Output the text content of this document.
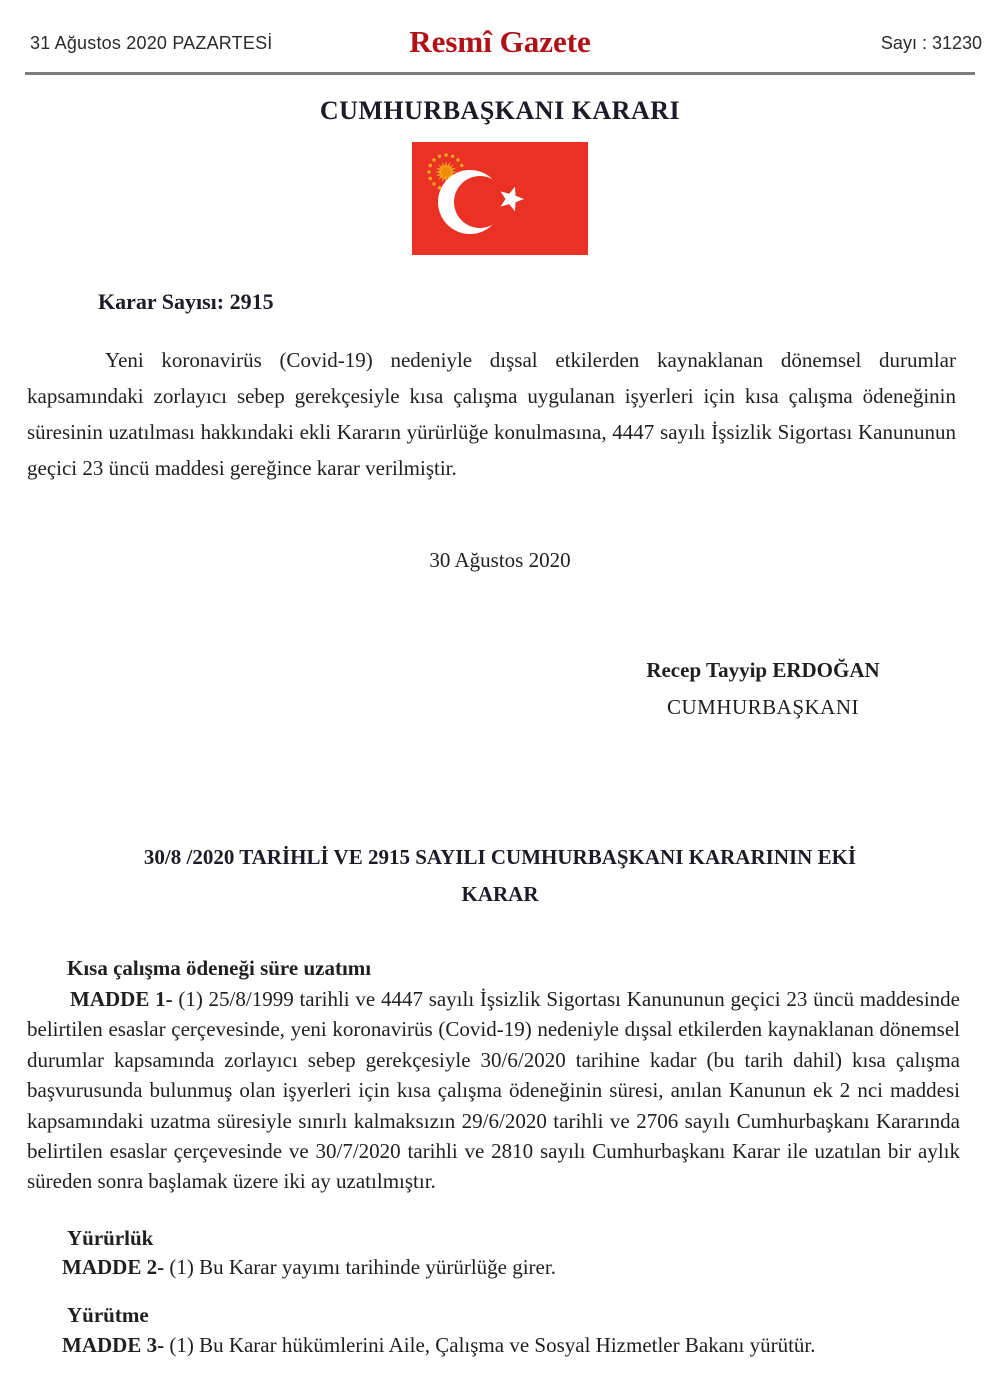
31 Ağustos 2020 PAZARTESİ	Resmî Gazete	Sayı : 31230
CUMHURBAŞKANI KARARI
Karar Sayısı: 2915
Yeni koronavirüs (Covid-19) nedeniyle dışsal etkilerden kaynaklanan dönemsel durumlar kapsamındaki zorlayıcı sebep gerekçesiyle kısa çalışma uygulanan işyerleri için kısa çalışma ödeneğinin süresinin uzatılması hakkındaki ekli Kararın yürürlüğe konulmasına, 4447 sayılı İşsizlik Sigortası Kanununun geçici 23 üncü maddesi gereğince karar verilmiştir.
30 Ağustos 2020
Recep Tayyip ERDOĞAN
CUMHURBAŞKANI
30/8 /2020 TARİHLİ VE 2915 SAYILI CUMHURBAŞKANI KARARININ EKİ
KARAR
Kısa çalışma ödeneği süre uzatımı
MADDE 1- (1) 25/8/1999 tarihli ve 4447 sayılı İşsizlik Sigortası Kanununun geçici 23 üncü maddesinde belirtilen esaslar çerçevesinde, yeni koronavirüs (Covid-19) nedeniyle dışsal etkilerden kaynaklanan dönemsel durumlar kapsamında zorlayıcı sebep gerekçesiyle 30/6/2020 tarihine kadar (bu tarih dahil) kısa çalışma başvurusunda bulunmuş olan işyerleri için kısa çalışma ödeneğinin süresi, anılan Kanunun ek 2 nci maddesi kapsamındaki uzatma süresiyle sınırlı kalmaksızın 29/6/2020 tarihli ve 2706 sayılı Cumhurbaşkanı Kararında belirtilen esaslar çerçevesinde ve 30/7/2020 tarihli ve 2810 sayılı Cumhurbaşkanı Karar ile uzatılan bir aylık süreden sonra başlamak üzere iki ay uzatılmıştır.
Yürürlük
MADDE 2- (1) Bu Karar yayımı tarihinde yürürlüğe girer.
Yürütme
MADDE 3- (1) Bu Karar hükümlerini Aile, Çalışma ve Sosyal Hizmetler Bakanı yürütür.
